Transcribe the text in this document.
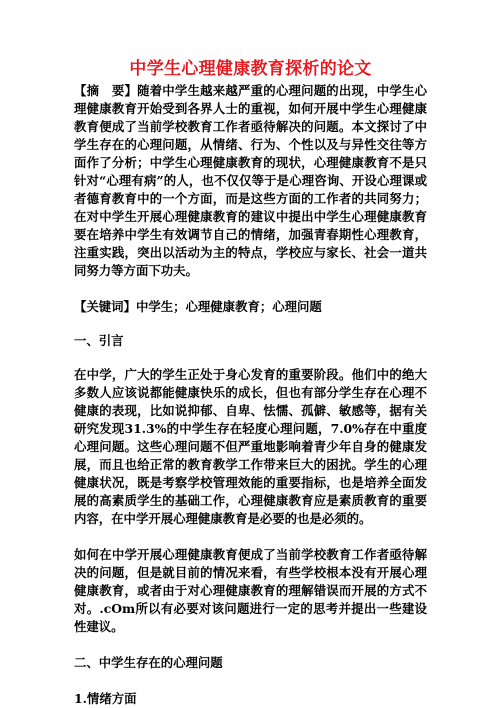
中学生心理健康教育探析的论文

【摘　要】随着中学生越来越严重的心理问题的出现，中学生心理健康教育开始受到各界人士的重视，如何开展中学生心理健康教育便成了当前学校教育工作者亟待解决的问题。本文探讨了中学生存在的心理问题，从情绪、行为、个性以及与异性交往等方面作了分析；中学生心理健康教育的现状，心理健康教育不是只针对“心理有病”的人，也不仅仅等于是心理咨询、开设心理课或者德育教育中的一个方面，而是这些方面的工作者的共同努力；在对中学生开展心理健康教育的建议中提出中学生心理健康教育要在培养中学生有效调节自己的情绪，加强青春期性心理教育，注重实践，突出以活动为主的特点，学校应与家长、社会一道共同努力等方面下功夫。

【关键词】中学生；心理健康教育；心理问题

一、引言

在中学，广大的学生正处于身心发育的重要阶段。他们中的绝大多数人应该说都能健康快乐的成长，但也有部分学生存在心理不健康的表现，比如说抑郁、自卑、怯懦、孤僻、敏感等，据有关研究发现31.3%的中学生存在轻度心理问题，7.0%存在中重度心理问题。这些心理问题不但严重地影响着青少年自身的健康发展，而且也给正常的教育教学工作带来巨大的困扰。学生的心理健康状况，既是考察学校管理效能的重要指标，也是培养全面发展的高素质学生的基础工作，心理健康教育应是素质教育的重要内容，在中学开展心理健康教育是必要的也是必须的。

如何在中学开展心理健康教育便成了当前学校教育工作者亟待解决的问题，但是就目前的情况来看，有些学校根本没有开展心理健康教育，或者由于对心理健康教育的理解错误而开展的方式不对。.cOm所以有必要对该问题进行一定的思考并提出一些建设性建议。

二、中学生存在的心理问题

1.情绪方面
